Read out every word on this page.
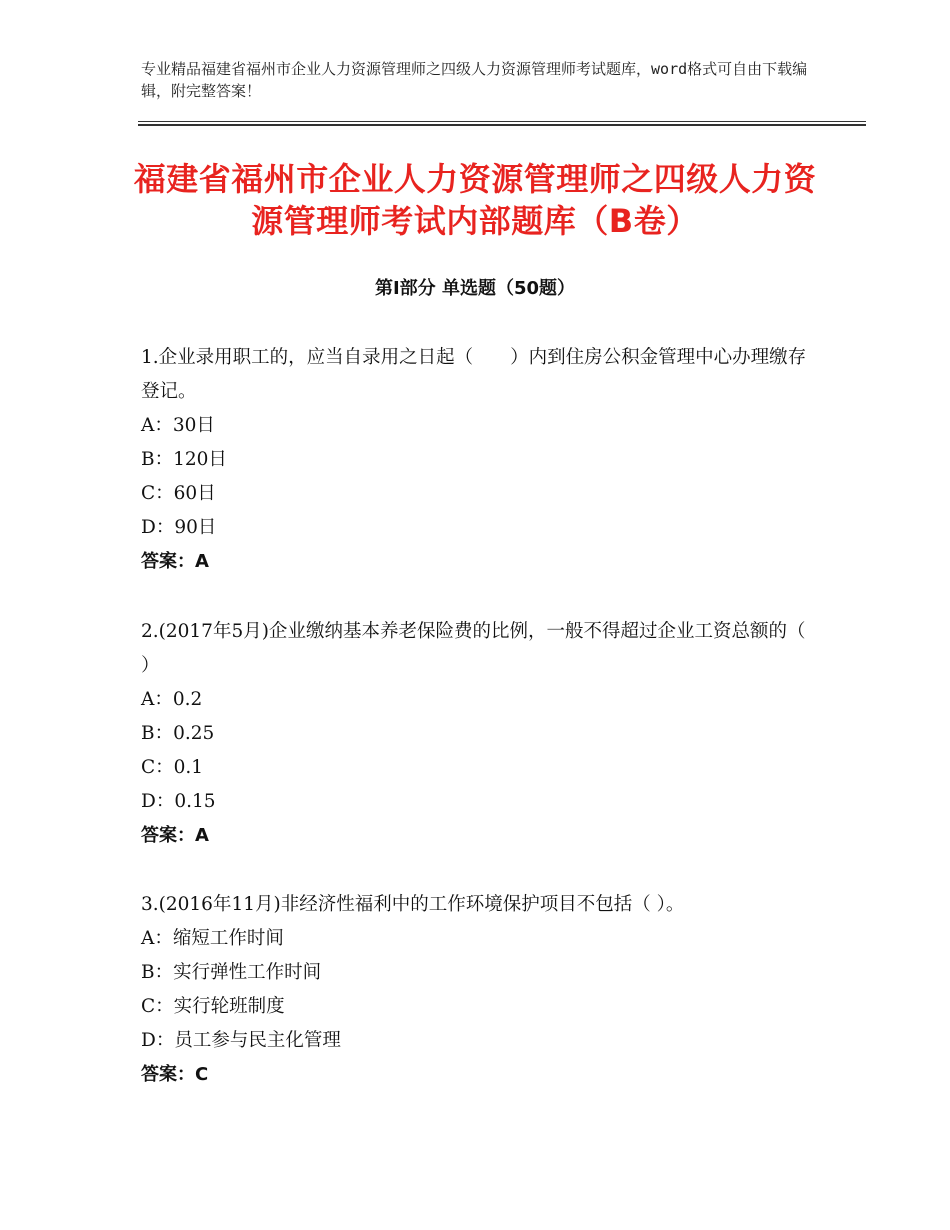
专业精品福建省福州市企业人力资源管理师之四级人力资源管理师考试题库，word格式可自由下载编辑，附完整答案！
福建省福州市企业人力资源管理师之四级人力资源管理师考试内部题库（B卷）
第Ⅰ部分 单选题（50题）

1.企业录用职工的，应当自录用之日起（　　）内到住房公积金管理中心办理缴存登记。

A：30日

B：120日

C：60日

D：90日

答案：A

2.(2017年5月)企业缴纳基本养老保险费的比例，一般不得超过企业工资总额的（ ）

A：0.2

B：0.25

C：0.1

D：0.15

答案：A

3.(2016年11月)非经济性福利中的工作环境保护项目不包括（ ）。

A：缩短工作时间

B：实行弹性工作时间

C：实行轮班制度

D：员工参与民主化管理

答案：C
